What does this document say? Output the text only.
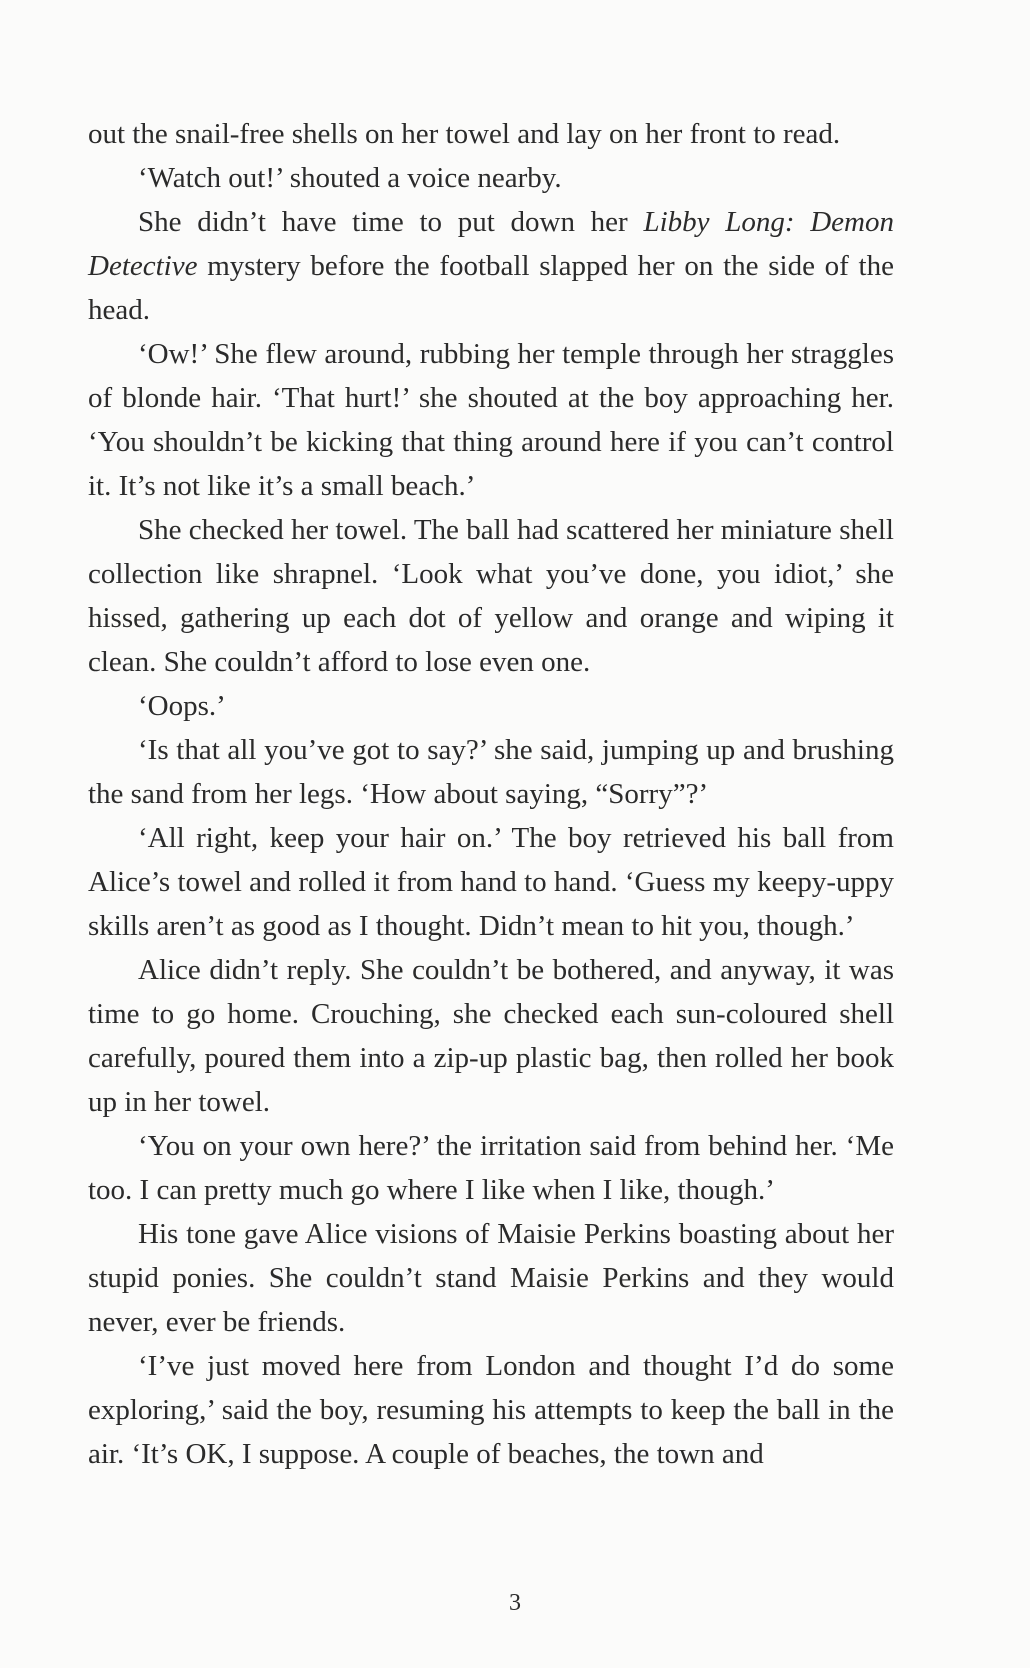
out the snail-free shells on her towel and lay on her front to read.

‘Watch out!’ shouted a voice nearby.

She didn’t have time to put down her Libby Long: Demon Detective mystery before the football slapped her on the side of the head.

‘Ow!’ She flew around, rubbing her temple through her straggles of blonde hair. ‘That hurt!’ she shouted at the boy approaching her. ‘You shouldn’t be kicking that thing around here if you can’t control it. It’s not like it’s a small beach.’

She checked her towel. The ball had scattered her miniature shell collection like shrapnel. ‘Look what you’ve done, you idiot,’ she hissed, gathering up each dot of yellow and orange and wiping it clean. She couldn’t afford to lose even one.

‘Oops.’

‘Is that all you’ve got to say?’ she said, jumping up and brushing the sand from her legs. ‘How about saying, “Sorry”?’

‘All right, keep your hair on.’ The boy retrieved his ball from Alice’s towel and rolled it from hand to hand. ‘Guess my keepy-uppy skills aren’t as good as I thought. Didn’t mean to hit you, though.’

Alice didn’t reply. She couldn’t be bothered, and anyway, it was time to go home. Crouching, she checked each sun-coloured shell carefully, poured them into a zip-up plastic bag, then rolled her book up in her towel.

‘You on your own here?’ the irritation said from behind her. ‘Me too. I can pretty much go where I like when I like, though.’

His tone gave Alice visions of Maisie Perkins boasting about her stupid ponies. She couldn’t stand Maisie Perkins and they would never, ever be friends.

‘I’ve just moved here from London and thought I’d do some exploring,’ said the boy, resuming his attempts to keep the ball in the air. ‘It’s OK, I suppose. A couple of beaches, the town and

3
